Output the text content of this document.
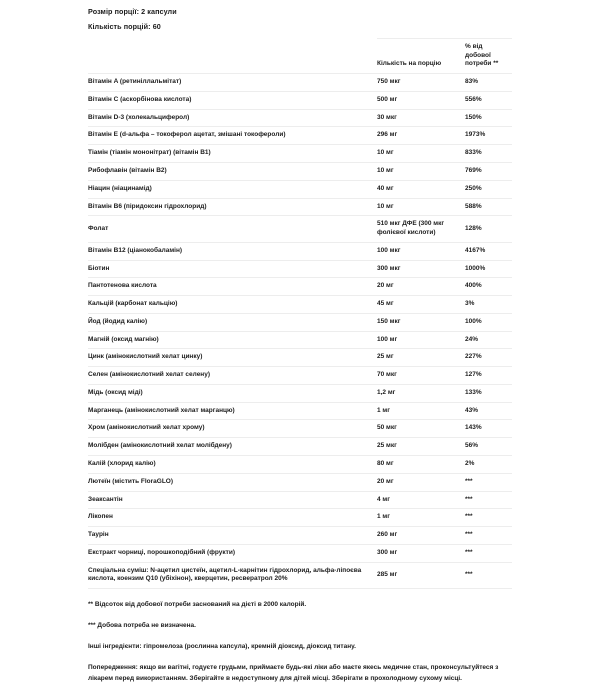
Розмір порції: 2 капсули

Кількість порцій: 60

	Кількість на порцію	% від добової потреби **
Вітамін A (ретиніллальмітат)	750 мкг	83%
Вітамін C (аскорбінова кислота)	500 мг	556%
Вітамін D-3 (холекальциферол)	30 мкг	150%
Вітамін E (d-альфа – токоферол ацетат, змішані токофероли)	296 мг	1973%
Тіамін (тіамін мононітрат) (вітамін B1)	10 мг	833%
Рибофлавін (вітамін B2)	10 мг	769%
Ніацин (ніацинамід)	40 мг	250%
Вітамін B6 (піридоксин гідрохлорид)	10 мг	588%
Фолат	510 мкг ДФЕ (300 мкг фолієвої кислоти)	128%
Вітамін B12 (ціанокобаламін)	100 мкг	4167%
Біотин	300 мкг	1000%
Пантотенова кислота	20 мг	400%
Кальцій (карбонат кальцію)	45 мг	3%
Йод (йодид калію)	150 мкг	100%
Магній (оксид магнію)	100 мг	24%
Цинк (амінокислотний хелат цинку)	25 мг	227%
Селен (амінокислотний хелат селену)	70 мкг	127%
Мідь (оксид міді)	1,2 мг	133%
Марганець (амінокислотний хелат марганцю)	1 мг	43%
Хром (амінокислотний хелат хрому)	50 мкг	143%
Молібден (амінокислотний хелат молібдену)	25 мкг	56%
Калій (хлорид калію)	80 мг	2%
Лютеїн (містить FloraGLO)	20 мг	***
Зеаксантін	4 мг	***
Лікопен	1 мг	***
Таурін	260 мг	***
Екстракт чорниці, порошкоподібний (фрукти)	300 мг	***
Спеціальна суміш: N-ацетил цистеїн, ацетил-L-карнітин гідрохлорид, альфа-ліпоєва кислота, коензим Q10 (убіхінон), кверцетин, ресвератрол 20%	285 мг	***

** Відсоток від добової потреби заснований на дієті в 2000 калорій.

*** Добова потреба не визначена.

Інші інгредієнти: гіпромелоза (рослинна капсула), кремній діоксид, діоксид титану.

Попередження: якщо ви вагітні, годуєте грудьми, приймаєте будь-які ліки або маєте якесь медичне стан, проконсультуйтеся з лікарем перед використанням. Зберігайте в недоступному для дітей місці. Зберігати в прохолодному сухому місці.
